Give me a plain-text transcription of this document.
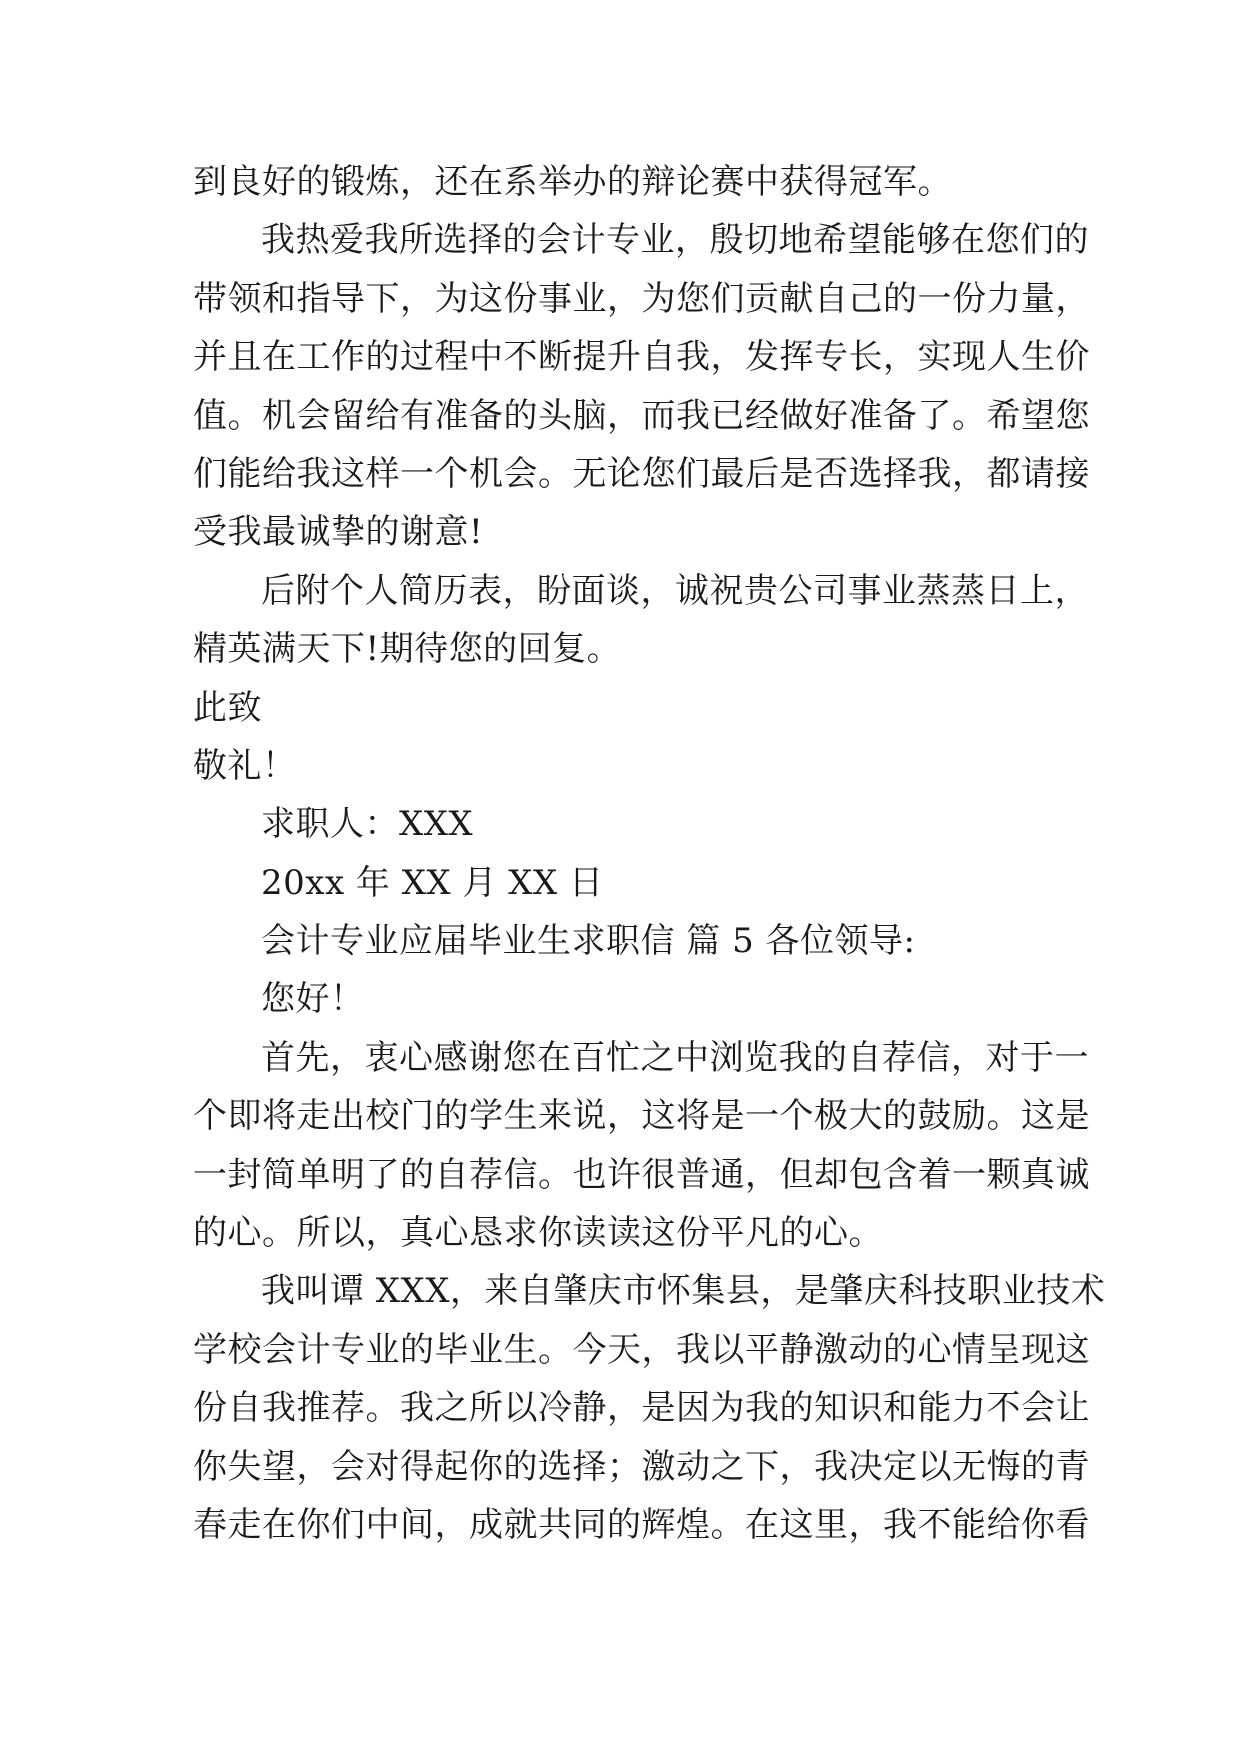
到良好的锻炼，还在系举办的辩论赛中获得冠军。
我热爱我所选择的会计专业，殷切地希望能够在您们的
带领和指导下，为这份事业，为您们贡献自己的一份力量，
并且在工作的过程中不断提升自我，发挥专长，实现人生价
值。机会留给有准备的头脑，而我已经做好准备了。希望您
们能给我这样一个机会。无论您们最后是否选择我，都请接
受我最诚挚的谢意!
后附个人简历表，盼面谈，诚祝贵公司事业蒸蒸日上，
精英满天下!期待您的回复。
此致
敬礼！
求职人：XXX
20xx 年 XX 月 XX 日
会计专业应届毕业生求职信 篇 5 各位领导:
您好！
首先，衷心感谢您在百忙之中浏览我的自荐信，对于一
个即将走出校门的学生来说，这将是一个极大的鼓励。这是
一封简单明了的自荐信。也许很普通，但却包含着一颗真诚
的心。所以，真心恳求你读读这份平凡的心。
我叫谭 XXX，来自肇庆市怀集县，是肇庆科技职业技术
学校会计专业的毕业生。今天，我以平静激动的心情呈现这
份自我推荐。我之所以冷静，是因为我的知识和能力不会让
你失望，会对得起你的选择；激动之下，我决定以无悔的青
春走在你们中间，成就共同的辉煌。在这里，我不能给你看
